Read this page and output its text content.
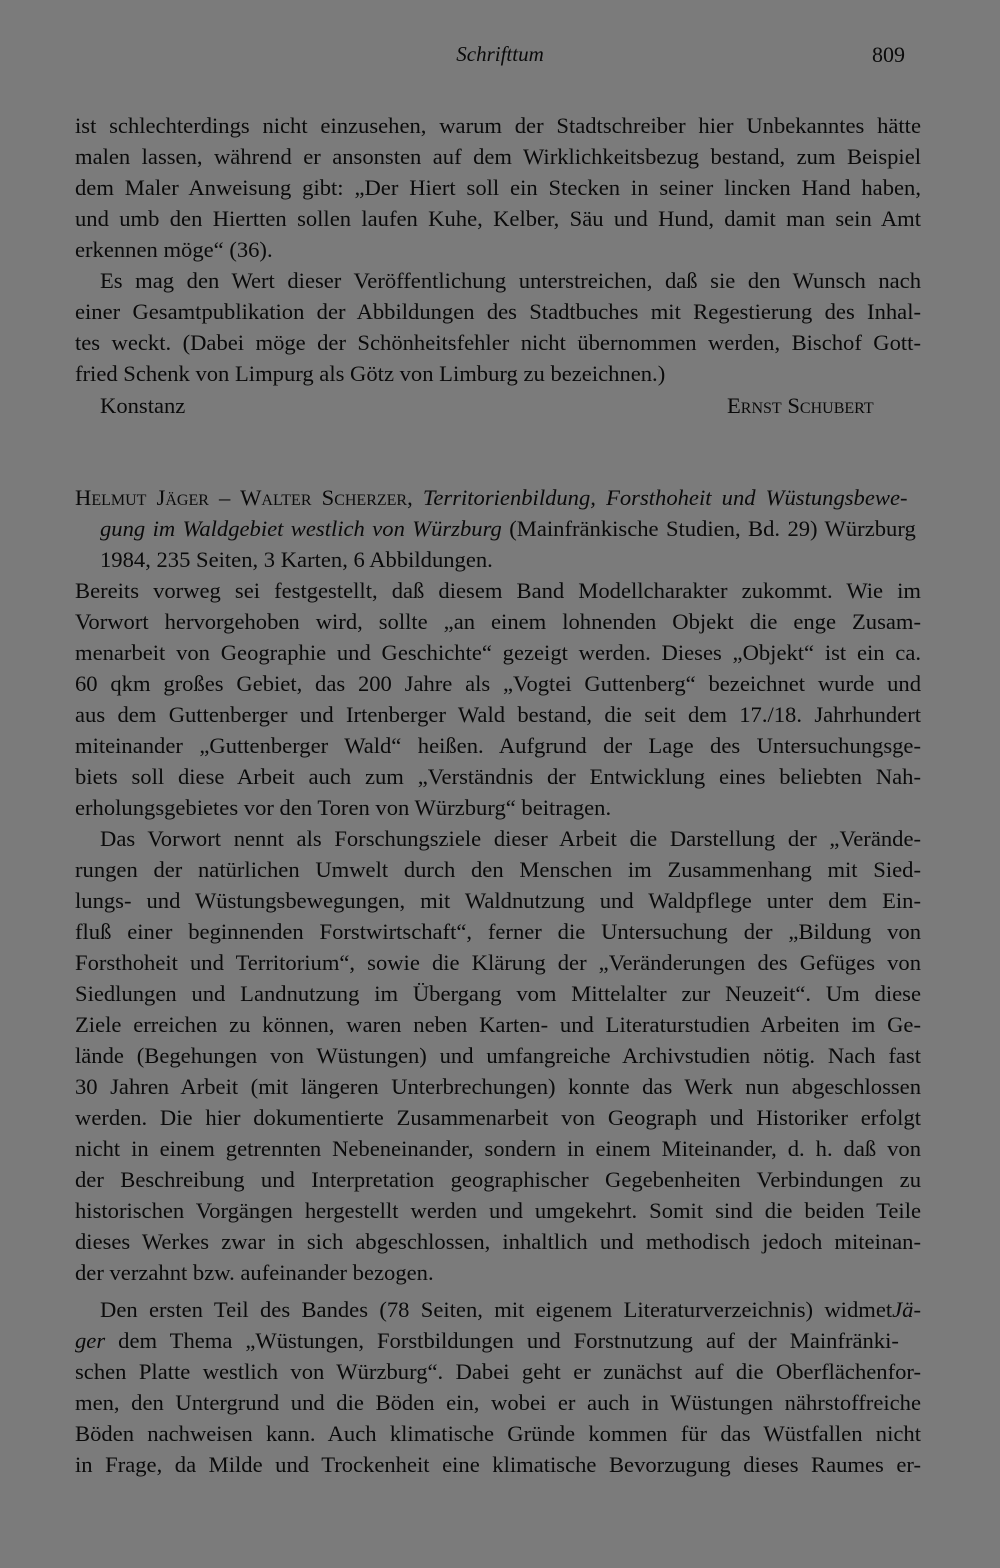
Schrifttum	809
ist schlechterdings nicht einzusehen, warum der Stadtschreiber hier Unbekanntes hätte
malen lassen, während er ansonsten auf dem Wirklichkeitsbezug bestand, zum Beispiel
dem Maler Anweisung gibt: „Der Hiert soll ein Stecken in seiner lincken Hand haben,
und umb den Hiertten sollen laufen Kuhe, Kelber, Säu und Hund, damit man sein Amt
erkennen möge“ (36).
Es mag den Wert dieser Veröffentlichung unterstreichen, daß sie den Wunsch nach
einer Gesamtpublikation der Abbildungen des Stadtbuches mit Regestierung des Inhal-
tes weckt. (Dabei möge der Schönheitsfehler nicht übernommen werden, Bischof Gott-
fried Schenk von Limpurg als Götz von Limburg zu bezeichnen.)
Konstanz	Ernst Schubert
Helmut Jäger – Walter Scherzer, Territorienbildung, Forsthoheit und Wüstungsbewe-
gung im Waldgebiet westlich von Würzburg (Mainfränkische Studien, Bd. 29) Würzburg
1984, 235 Seiten, 3 Karten, 6 Abbildungen.
Bereits vorweg sei festgestellt, daß diesem Band Modellcharakter zukommt. Wie im
Vorwort hervorgehoben wird, sollte „an einem lohnenden Objekt die enge Zusam-
menarbeit von Geographie und Geschichte“ gezeigt werden. Dieses „Objekt“ ist ein ca.
60 qkm großes Gebiet, das 200 Jahre als „Vogtei Guttenberg“ bezeichnet wurde und
aus dem Guttenberger und Irtenberger Wald bestand, die seit dem 17./18. Jahrhundert
miteinander „Guttenberger Wald“ heißen. Aufgrund der Lage des Untersuchungsge-
biets soll diese Arbeit auch zum „Verständnis der Entwicklung eines beliebten Nah-
erholungsgebietes vor den Toren von Würzburg“ beitragen.
Das Vorwort nennt als Forschungsziele dieser Arbeit die Darstellung der „Verände-
rungen der natürlichen Umwelt durch den Menschen im Zusammenhang mit Sied-
lungs- und Wüstungsbewegungen, mit Waldnutzung und Waldpflege unter dem Ein-
fluß einer beginnenden Forstwirtschaft“, ferner die Untersuchung der „Bildung von
Forsthoheit und Territorium“, sowie die Klärung der „Veränderungen des Gefüges von
Siedlungen und Landnutzung im Übergang vom Mittelalter zur Neuzeit“. Um diese
Ziele erreichen zu können, waren neben Karten- und Literaturstudien Arbeiten im Ge-
lände (Begehungen von Wüstungen) und umfangreiche Archivstudien nötig. Nach fast
30 Jahren Arbeit (mit längeren Unterbrechungen) konnte das Werk nun abgeschlossen
werden. Die hier dokumentierte Zusammenarbeit von Geograph und Historiker erfolgt
nicht in einem getrennten Nebeneinander, sondern in einem Miteinander, d. h. daß von
der Beschreibung und Interpretation geographischer Gegebenheiten Verbindungen zu
historischen Vorgängen hergestellt werden und umgekehrt. Somit sind die beiden Teile
dieses Werkes zwar in sich abgeschlossen, inhaltlich und methodisch jedoch miteinan-
der verzahnt bzw. aufeinander bezogen.
Den ersten Teil des Bandes (78 Seiten, mit eigenem Literaturverzeichnis) widmetJä-
ger dem Thema „Wüstungen, Forstbildungen und Forstnutzung auf der Mainfränki-
schen Platte westlich von Würzburg“. Dabei geht er zunächst auf die Oberflächenfor-
men, den Untergrund und die Böden ein, wobei er auch in Wüstungen nährstoffreiche
Böden nachweisen kann. Auch klimatische Gründe kommen für das Wüstfallen nicht
in Frage, da Milde und Trockenheit eine klimatische Bevorzugung dieses Raumes er-
